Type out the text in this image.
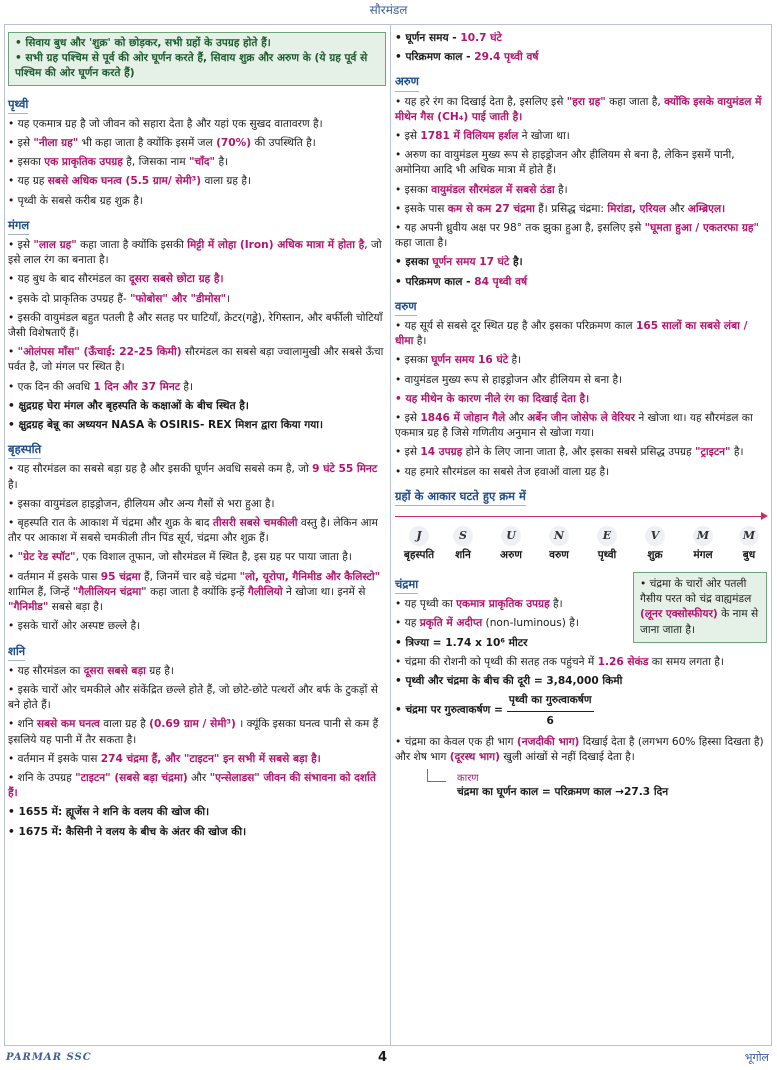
सौरमंडल
• सिवाय बुध और 'शुक्र' को छोड़कर, सभी ग्रहों के उपग्रह होते हैं।
• सभी ग्रह पश्चिम से पूर्व की ओर घूर्णन करते हैं, सिवाय शुक्र और अरुण के (ये ग्रह पूर्व से पश्चिम की ओर घूर्णन करते हैं)
पृथ्वी
• यह एकमात्र ग्रह है जो जीवन को सहारा देता है और यहां एक सुखद वातावरण है।
• इसे "नीला ग्रह" भी कहा जाता है क्योंकि इसमें जल (70%) की उपस्थिति है।
• इसका एक प्राकृतिक उपग्रह है, जिसका नाम "चाँद" है।
• यह ग्रह सबसे अधिक घनत्व (5.5 ग्राम/ सेमी³) वाला ग्रह है।
• पृथ्वी के सबसे करीब ग्रह शुक्र है।
मंगल
• इसे "लाल ग्रह" कहा जाता है क्योंकि इसकी मिट्टी में लोहा (Iron) अधिक मात्रा में होता है, जो इसे लाल रंग का बनाता है।
• यह बुध के बाद सौरमंडल का दूसरा सबसे छोटा ग्रह है।
• इसके दो प्राकृतिक उपग्रह हैं- "फोबोस" और "डीमोस"।
• इसकी वायुमंडल बहुत पतली है और सतह पर घाटियाँ, क्रेटर(गड्ढे), रेगिस्तान, और बर्फीली चोटियाँ जैसी विशेषताएँ हैं।
• "ओलंपस मॉंस" (ऊँचाई: 22-25 किमी) सौरमंडल का सबसे बड़ा ज्वालामुखी और सबसे ऊँचा पर्वत है, जो मंगल पर स्थित है।
• एक दिन की अवधि 1 दिन और 37 मिनट है।
• क्षुद्रग्रह घेरा मंगल और बृहस्पति के कक्षाओं के बीच स्थित है।
• क्षुद्रग्रह बेन्नू का अध्ययन NASA के OSIRIS- REX मिशन द्वारा किया गया।
बृहस्पति
• यह सौरमंडल का सबसे बड़ा ग्रह है और इसकी घूर्णन अवधि सबसे कम है, जो 9 घंटे 55 मिनट है।
• इसका वायुमंडल हाइड्रोजन, हीलियम और अन्य गैसों से भरा हुआ है।
• बृहस्पति रात के आकाश में चंद्रमा और शुक्र के बाद तीसरी सबसे चमकीली वस्तु है। लेकिन आम तौर पर आकाश में सबसे चमकीली तीन पिंड सूर्य, चंद्रमा और शुक्र हैं।
• "ग्रेट रेड स्पॉट", एक विशाल तूफान, जो सौरमंडल में स्थित है, इस ग्रह पर पाया जाता है।
• वर्तमान में इसके पास 95 चंद्रमा हैं, जिनमें चार बड़े चंद्रमा "लो, यूरोपा, गैनिमीड और कैलिस्टो" शामिल हैं, जिन्हें "गैलीलियन चंद्रमा" कहा जाता है क्योंकि इन्हें गैलीलियो ने खोजा था। इनमें से "गैनिमीड" सबसे बड़ा है।
• इसके चारों ओर अस्पष्ट छल्ले है।
शनि
• यह सौरमंडल का दूसरा सबसे बड़ा ग्रह है।
• इसके चारों ओर चमकीले और संकेंद्रित छल्ले होते हैं, जो छोटे-छोटे पत्थरों और बर्फ के टुकड़ों से बने होते हैं।
• शनि सबसे कम घनत्व वाला ग्रह है (0.69 ग्राम / सेमी³) । क्यूंकि इसका घनत्व पानी से कम हैं इसलिये यह पानी में तैर सकता है।
• वर्तमान में इसके पास 274 चंद्रमा हैं, और "टाइटन" इन सभी में सबसे बड़ा है।
• शनि के उपग्रह "टाइटन" (सबसे बड़ा चंद्रमा) और "एन्सेलाडस" जीवन की संभावना को दर्शाते हैं।
• 1655 में: ह्यूजेंस ने शनि के वलय की खोज की।
• 1675 में: कैसिनी ने वलय के बीच के अंतर की खोज की।
• घूर्णन समय - 10.7 घंटे
• परिक्रमण काल - 29.4 पृथ्वी वर्ष
अरुण
• यह हरे रंग का दिखाई देता है, इसलिए इसे "हरा ग्रह" कहा जाता है, क्योंकि इसके वायुमंडल में मीथेन गैस (CH₄) पाई जाती है।
• इसे 1781 में विलियम हर्शल ने खोजा था।
• अरुण का वायुमंडल मुख्य रूप से हाइड्रोजन और हीलियम से बना है, लेकिन इसमें पानी, अमोनिया आदि भी अधिक मात्रा में होते हैं।
• इसका वायुमंडल सौरमंडल में सबसे ठंडा है।
• इसके पास कम से कम 27 चंद्रमा हैं। प्रसिद्ध चंद्रमा: मिरांडा, एरियल और अम्ब्रिएल।
• यह अपनी ध्रुवीय अक्ष पर 98° तक झुका हुआ है, इसलिए इसे "घूमता हुआ / एकतरफा ग्रह" कहा जाता है।
• इसका घूर्णन समय 17 घंटे है।
• परिक्रमण काल - 84 पृथ्वी वर्ष
वरुण
• यह सूर्य से सबसे दूर स्थित ग्रह है और इसका परिक्रमण काल 165 सालों का सबसे लंबा / धीमा है।
• इसका घूर्णन समय 16 घंटे है।
• वायुमंडल मुख्य रूप से हाइड्रोजन और हीलियम से बना है।
• यह मीथेन के कारण नीले रंग का दिखाई देता है।
• इसे 1846 में जोहान गैले और अर्बेन जीन जोसेफ ले वेरियर ने खोजा था। यह सौरमंडल का एकमात्र ग्रह है जिसे गणितीय अनुमान से खोजा गया।
• इसे 14 उपग्रह होने के लिए जाना जाता है, और इसका सबसे प्रसिद्ध उपग्रह "ट्राइटन" है।
• यह हमारे सौरमंडल का सबसे तेज हवाओं वाला ग्रह है।
ग्रहों के आकार घटते हुए क्रम में
J
बृहस्पति
S
शनि
U
अरुण
N
वरुण
E
पृथ्वी
V
शुक्र
M
मंगल
M
बुध
• चंद्रमा के चारों ओर पतली गैसीय परत को चंद्र वाह्यमंडल (लूनर एक्सोस्फीयर) के नाम से जाना जाता है।
चंद्रमा
• यह पृथ्वी का एकमात्र प्राकृतिक उपग्रह है।
• यह प्रकृति में अदीप्त (non-luminous) है।
• त्रिज्या = 1.74 x 10⁶ मीटर
• चंद्रमा की रोशनी को पृथ्वी की सतह तक पहुंचने में 1.26 सेकंड का समय लगता है।
• पृथ्वी और चंद्रमा के बीच की दूरी = 3,84,000 किमी
• चंद्रमा पर गुरुत्वाकर्षण = $\frac{\text{पृथ्वी का गुरुत्वाकर्षण}}{6}$
• चंद्रमा का केवल एक ही भाग (नजदीकी भाग) दिखाई देता है (लगभग 60% हिस्सा दिखता है) और शेष भाग (दूरस्थ भाग) खुली आंखों से नहीं दिखाई देता है।
कारण
चंद्रमा का घूर्णन काल = परिक्रमण काल →27.3 दिन
PARMAR SSC	4	भूगोल
